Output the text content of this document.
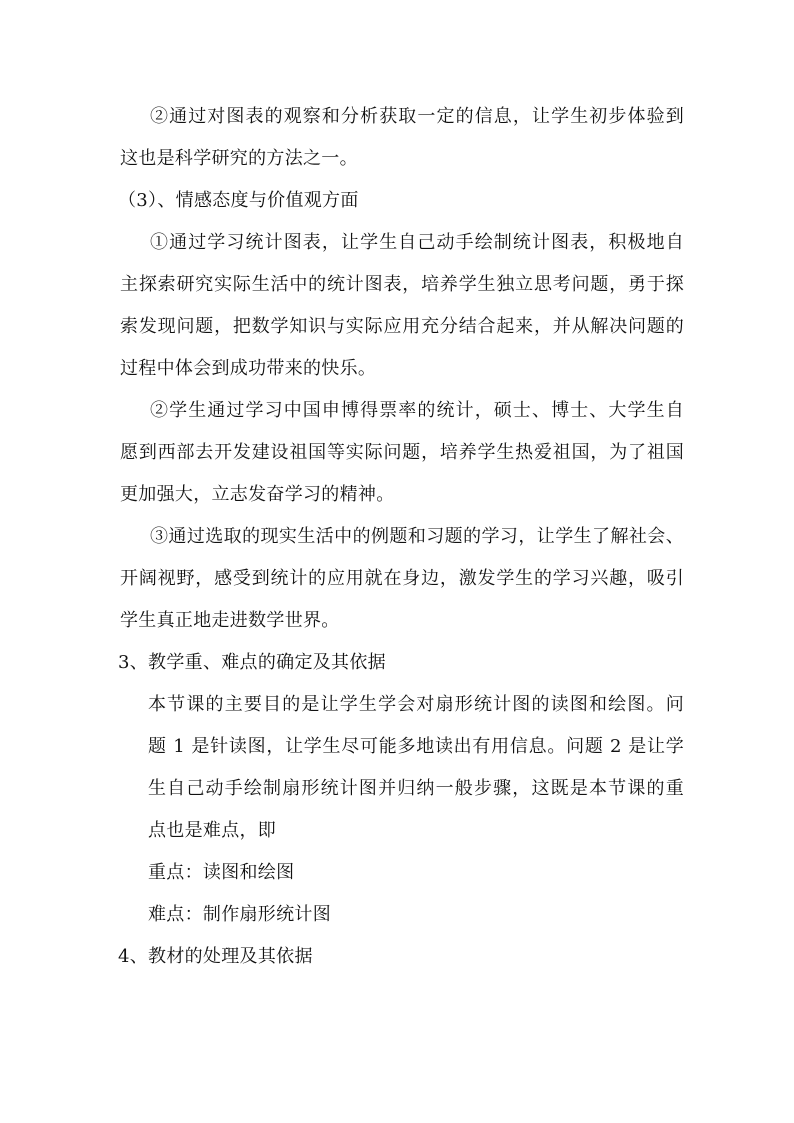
②通过对图表的观察和分析获取一定的信息，让学生初步体验到
这也是科学研究的方法之一。
（3）、情感态度与价值观方面
①通过学习统计图表，让学生自己动手绘制统计图表，积极地自
主探索研究实际生活中的统计图表，培养学生独立思考问题，勇于探
索发现问题，把数学知识与实际应用充分结合起来，并从解决问题的
过程中体会到成功带来的快乐。
②学生通过学习中国申博得票率的统计，硕士、博士、大学生自
愿到西部去开发建设祖国等实际问题，培养学生热爱祖国，为了祖国
更加强大，立志发奋学习的精神。
③通过选取的现实生活中的例题和习题的学习，让学生了解社会、
开阔视野，感受到统计的应用就在身边，激发学生的学习兴趣，吸引
学生真正地走进数学世界。
3、教学重、难点的确定及其依据
本节课的主要目的是让学生学会对扇形统计图的读图和绘图。问
题 1 是针读图，让学生尽可能多地读出有用信息。问题 2 是让学
生自己动手绘制扇形统计图并归纳一般步骤，这既是本节课的重
点也是难点，即
重点：读图和绘图
难点：制作扇形统计图
4、教材的处理及其依据
